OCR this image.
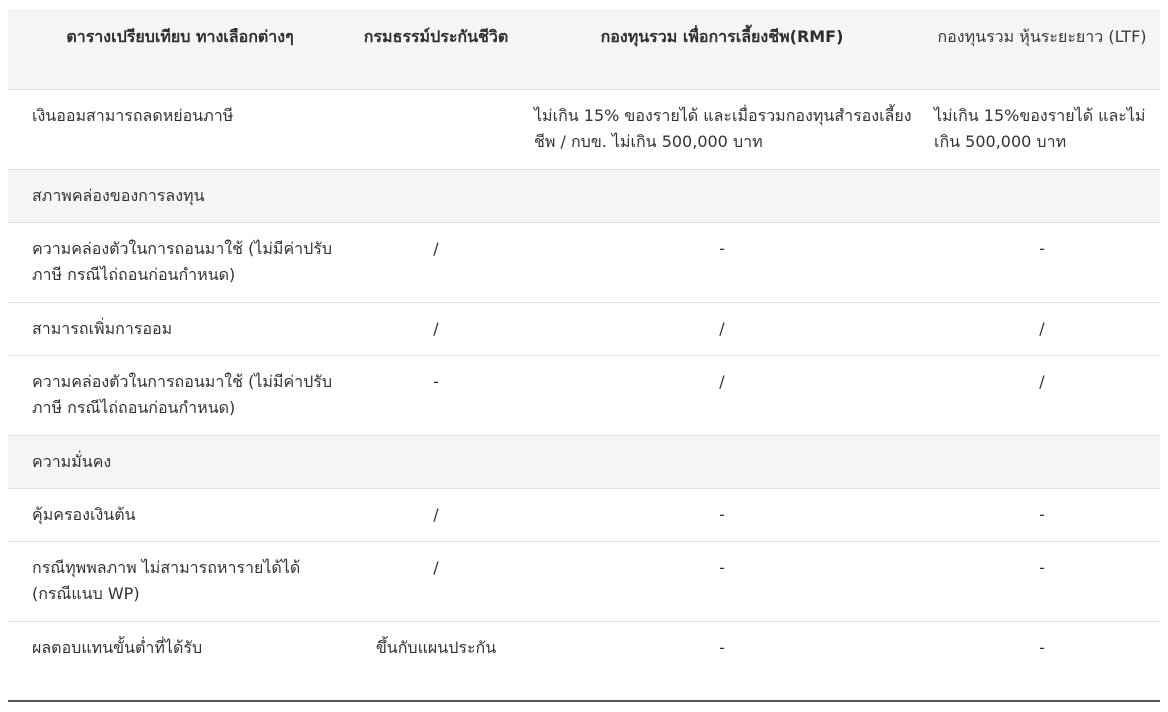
ตารางเปรียบเทียบ ทางเลือกต่างๆ	กรมธรรม์ประกันชีวิต	กองทุนรวม เพื่อการเลี้ยงชีพ(RMF)	กองทุนรวม หุ้นระยะยาว (LTF)
เงินออมสามารถลดหย่อนภาษี		ไม่เกิน 15% ของรายได้ และเมื่อรวมกองทุนสำรองเลี้ยงชีพ / กบข. ไม่เกิน 500,000 บาท	ไม่เกิน 15%ของรายได้ และไม่เกิน 500,000 บาท
สภาพคล่องของการลงทุน			
ความคล่องตัวในการถอนมาใช้ (ไม่มีค่าปรับภาษี กรณีไถ่ถอนก่อนกำหนด)	/	-	-
สามารถเพิ่มการออม	/	/	/
ความคล่องตัวในการถอนมาใช้ (ไม่มีค่าปรับภาษี กรณีไถ่ถอนก่อนกำหนด)	-	/	/
ความมั่นคง			
คุ้มครองเงินต้น	/	-	-
กรณีทุพพลภาพ ไม่สามารถหารายได้ได้ (กรณีแนบ WP)	/	-	-
ผลตอบแทนขั้นต่ำที่ได้รับ	ขึ้นกับแผนประกัน	-	-
